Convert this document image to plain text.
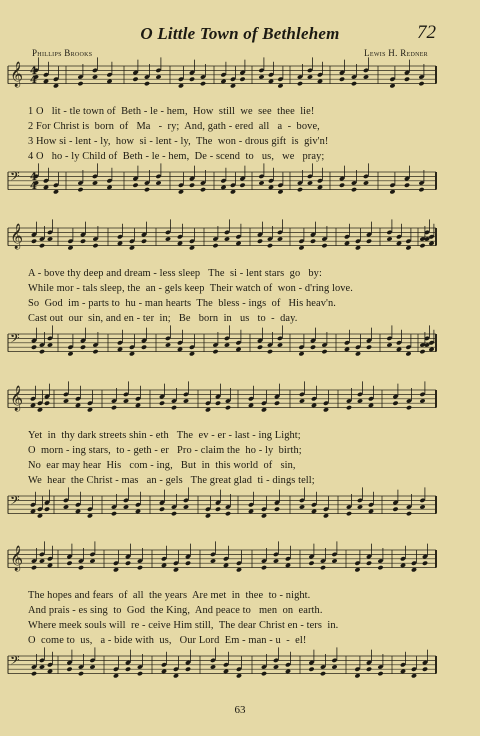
O Little Town of Bethlehem	72
Phillips Brooks	Lewis H. Redner
𝄞
𝄞
𝄞
𝄞
𝄢
𝄢
𝄢
𝄢
4
4
4
4
1 O   lit - tle town of  Beth - le - hem,  How  still  we  see  thee  lie!
2 For Christ is  born  of   Ma   -  ry;  And, gath - ered  all   a  -  bove,
3 How si - lent - ly,  how  si - lent - ly,  The  won - drous gift  is  giv'n!
4 O   ho - ly Child of  Beth - le - hem,  De - scend  to   us,   we   pray;
A - bove thy deep and dream - less sleep   The  si - lent stars  go   by:
While mor - tals sleep, the  an - gels keep  Their watch of  won - d'ring love.
So  God  im - parts to  hu - man hearts  The  bless - ings  of   His heav'n.
Cast out  our  sin, and en - ter  in;   Be   born  in   us   to  -  day.
Yet  in  thy dark streets shin - eth   The  ev - er - last - ing Light;
O  morn - ing stars,  to - geth - er   Pro - claim the  ho - ly  birth;
No  ear may hear  His   com - ing,   But  in  this world  of   sin,
We  hear  the Christ - mas   an - gels   The great glad  ti - dings tell;
The hopes and fears  of  all  the years  Are met  in  thee  to - night.
And prais - es sing  to  God  the King,  And peace to   men  on  earth.
Where meek souls will  re - ceive Him still,  The dear Christ en - ters  in.
O  come to  us,   a - bide with  us,   Our Lord  Em - man - u  -  el!
63
